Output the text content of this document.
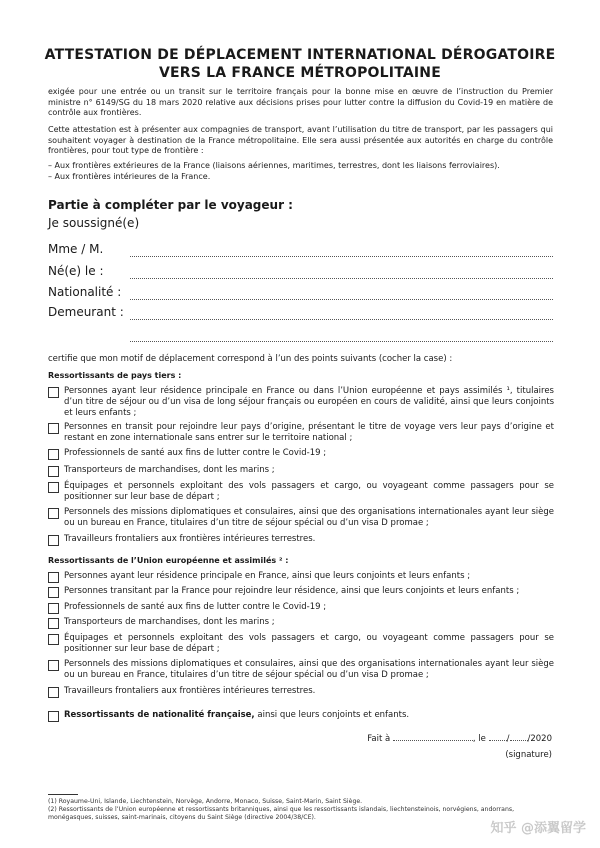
ATTESTATION DE DÉPLACEMENT INTERNATIONAL DÉROGATOIRE
VERS LA FRANCE MÉTROPOLITAINE
exigée pour une entrée ou un transit sur le territoire français pour la bonne mise en œuvre de l’instruction du Premier ministre n° 6149/SG du 18 mars 2020 relative aux décisions prises pour lutter contre la diffusion du Covid-19 en matière de contrôle aux frontières.
Cette attestation est à présenter aux compagnies de transport, avant l’utilisation du titre de transport, par les passagers qui souhaitent voyager à destination de la France métropolitaine. Elle sera aussi présentée aux autorités en charge du contrôle frontières, pour tout type de frontière :
– Aux frontières extérieures de la France (liaisons aériennes, maritimes, terrestres, dont les liaisons ferroviaires).
– Aux frontières intérieures de la France.
Partie à compléter par le voyageur :
Je soussigné(e)
Mme / M.
Né(e) le :
Nationalité :
Demeurant :
certifie que mon motif de déplacement correspond à l’un des points suivants (cocher la case) :
Ressortissants de pays tiers :
Personnes ayant leur résidence principale en France ou dans l’Union européenne et pays assimilés ¹, titulaires d’un titre de séjour ou d’un visa de long séjour français ou européen en cours de validité, ainsi que leurs conjoints et leurs enfants ;
Personnes en transit pour rejoindre leur pays d’origine, présentant le titre de voyage vers leur pays d’origine et restant en zone internationale sans entrer sur le territoire national ;
Professionnels de santé aux fins de lutter contre le Covid-19 ;
Transporteurs de marchandises, dont les marins ;
Équipages et personnels exploitant des vols passagers et cargo, ou voyageant comme passagers pour se positionner sur leur base de départ ;
Personnels des missions diplomatiques et consulaires, ainsi que des organisations internationales ayant leur siège ou un bureau en France, titulaires d’un titre de séjour spécial ou d’un visa D promae ;
Travailleurs frontaliers aux frontières intérieures terrestres.
Ressortissants de l’Union européenne et assimilés ² :
Personnes ayant leur résidence principale en France, ainsi que leurs conjoints et leurs enfants ;
Personnes transitant par la France pour rejoindre leur résidence, ainsi que leurs conjoints et leurs enfants ;
Professionnels de santé aux fins de lutter contre le Covid-19 ;
Transporteurs de marchandises, dont les marins ;
Équipages et personnels exploitant des vols passagers et cargo, ou voyageant comme passagers pour se positionner sur leur base de départ ;
Personnels des missions diplomatiques et consulaires, ainsi que des organisations internationales ayant leur siège ou un bureau en France, titulaires d’un titre de séjour spécial ou d’un visa D promae ;
Travailleurs frontaliers aux frontières intérieures terrestres.
Ressortissants de nationalité française, ainsi que leurs conjoints et enfants.
Fait à	, le / /2020
(signature)
(1) Royaume-Uni, Islande, Liechtenstein, Norvège, Andorre, Monaco, Suisse, Saint-Marin, Saint Siège.
(2) Ressortissants de l’Union européenne et ressortissants britanniques, ainsi que les ressortissants islandais, liechtensteinois, norvégiens, andorrans, monégasques, suisses, saint-marinais, citoyens du Saint Siège (directive 2004/38/CE).
知乎 @添翼留学
